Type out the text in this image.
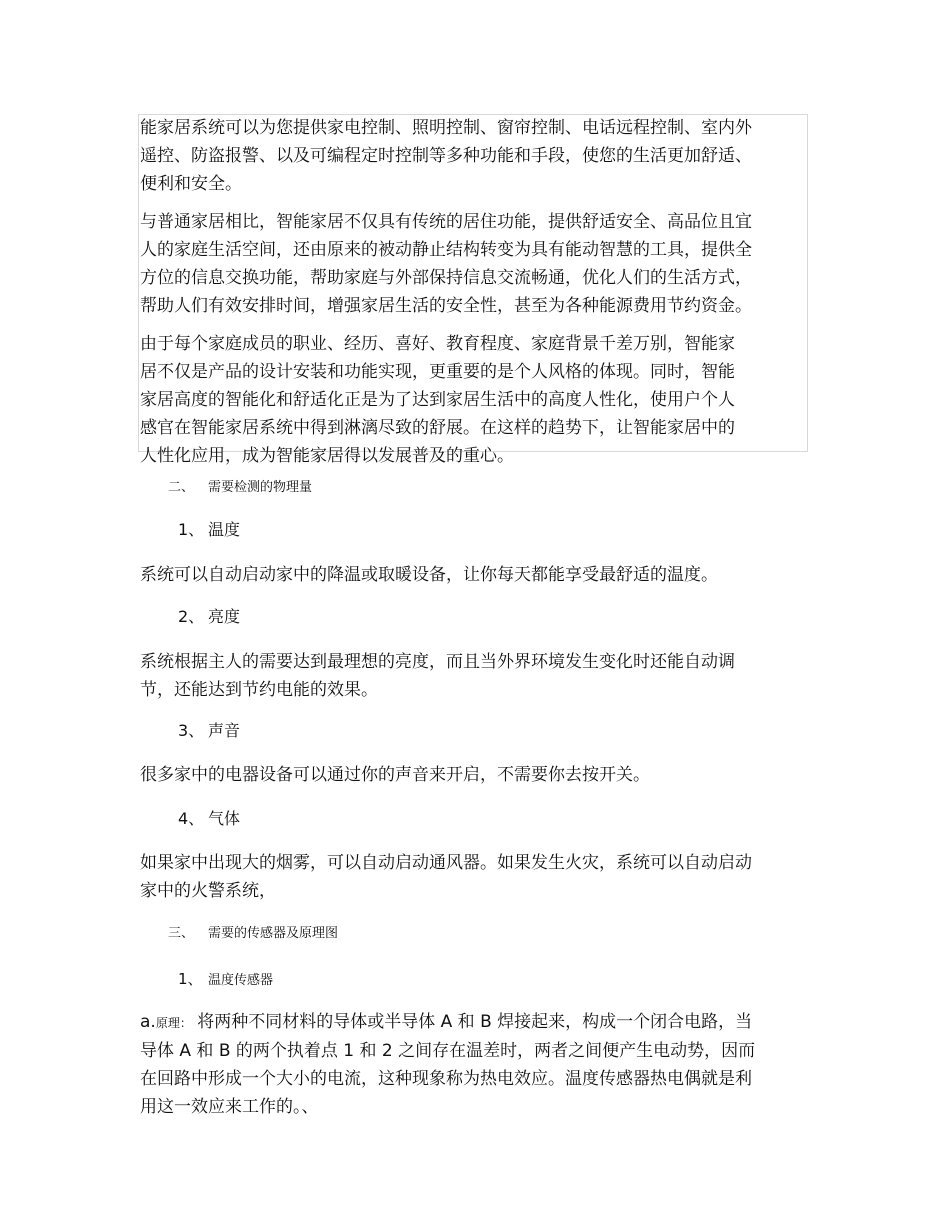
能家居系统可以为您提供家电控制、照明控制、窗帘控制、电话远程控制、室内外
遥控、防盗报警、以及可编程定时控制等多种功能和手段，使您的生活更加舒适、
便利和安全。

与普通家居相比，智能家居不仅具有传统的居住功能，提供舒适安全、高品位且宜
人的家庭生活空间，还由原来的被动静止结构转变为具有能动智慧的工具，提供全
方位的信息交换功能，帮助家庭与外部保持信息交流畅通，优化人们的生活方式，
帮助人们有效安排时间，增强家居生活的安全性，甚至为各种能源费用节约资金。

由于每个家庭成员的职业、经历、喜好、教育程度、家庭背景千差万别，智能家
居不仅是产品的设计安装和功能实现，更重要的是个人风格的体现。同时，智能
家居高度的智能化和舒适化正是为了达到家居生活中的高度人性化，使用户个人
感官在智能家居系统中得到淋漓尽致的舒展。在这样的趋势下，让智能家居中的
人性化应用，成为智能家居得以发展普及的重心。

二、 需要检测的物理量
1、 温度

系统可以自动启动家中的降温或取暖设备，让你每天都能享受最舒适的温度。

2、 亮度

系统根据主人的需要达到最理想的亮度，而且当外界环境发生变化时还能自动调
节，还能达到节约电能的效果。

3、 声音

很多家中的电器设备可以通过你的声音来开启，不需要你去按开关。

4、 气体

如果家中出现大的烟雾，可以自动启动通风器。如果发生火灾，系统可以自动启动
家中的火警系统，

三、 需要的传感器及原理图
1、 温度传感器

a.原理： 将两种不同材料的导体或半导体 A 和 B 焊接起来，构成一个闭合电路，当
导体 A 和 B 的两个执着点 1 和 2 之间存在温差时，两者之间便产生电动势，因而
在回路中形成一个大小的电流，这种现象称为热电效应。温度传感器热电偶就是利
用这一效应来工作的。、
